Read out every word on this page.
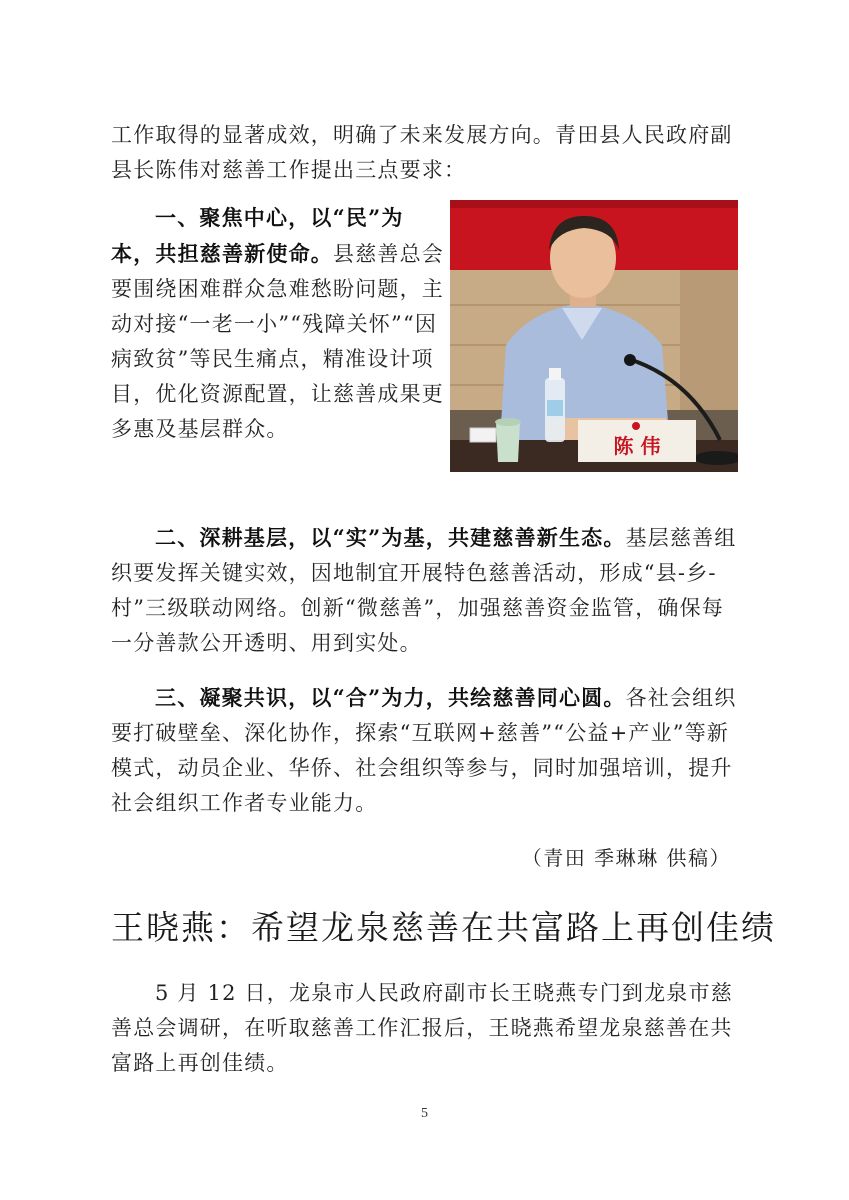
工作取得的显著成效，明确了未来发展方向。青田县人民政府副县长陈伟对慈善工作提出三点要求：

一、聚焦中心，以“民”为本，共担慈善新使命。县慈善总会要围绕困难群众急难愁盼问题，主动对接“一老一小”“残障关怀”“因病致贫”等民生痛点，精准设计项目，优化资源配置，让慈善成果更多惠及基层群众。

陈 伟

二、深耕基层，以“实”为基，共建慈善新生态。基层慈善组织要发挥关键实效，因地制宜开展特色慈善活动，形成“县-乡-村”三级联动网络。创新“微慈善”，加强慈善资金监管，确保每一分善款公开透明、用到实处。

三、凝聚共识，以“合”为力，共绘慈善同心圆。各社会组织要打破壁垒、深化协作，探索“互联网+慈善”“公益+产业”等新模式，动员企业、华侨、社会组织等参与，同时加强培训，提升社会组织工作者专业能力。

（青田 季琳琳 供稿）

王晓燕：希望龙泉慈善在共富路上再创佳绩

5 月 12 日，龙泉市人民政府副市长王晓燕专门到龙泉市慈善总会调研，在听取慈善工作汇报后，王晓燕希望龙泉慈善在共富路上再创佳绩。

5
